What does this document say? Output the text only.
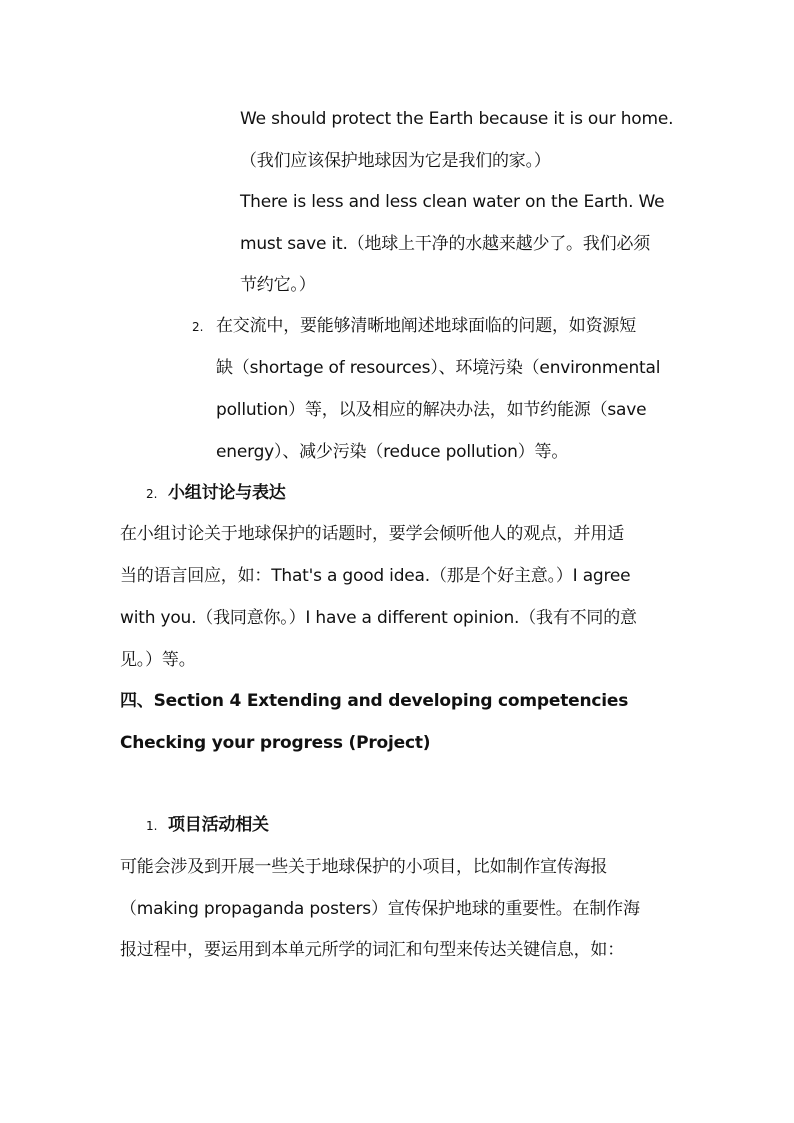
We should protect the Earth because it is our home.
（我们应该保护地球因为它是我们的家。）
There is less and less clean water on the Earth. We
must save it.（地球上干净的水越来越少了。我们必须
节约它。）
2. 在交流中，要能够清晰地阐述地球面临的问题，如资源短
缺（shortage of resources）、环境污染（environmental
pollution）等，以及相应的解决办法，如节约能源（save
energy）、减少污染（reduce pollution）等。
2. 小组讨论与表达
在小组讨论关于地球保护的话题时，要学会倾听他人的观点，并用适
当的语言回应，如：That's a good idea.（那是个好主意。）I agree
with you.（我同意你。）I have a different opinion.（我有不同的意
见。）等。
四、Section 4 Extending and developing competencies
Checking your progress (Project)
1. 项目活动相关
可能会涉及到开展一些关于地球保护的小项目，比如制作宣传海报
（making propaganda posters）宣传保护地球的重要性。在制作海
报过程中，要运用到本单元所学的词汇和句型来传达关键信息，如：
